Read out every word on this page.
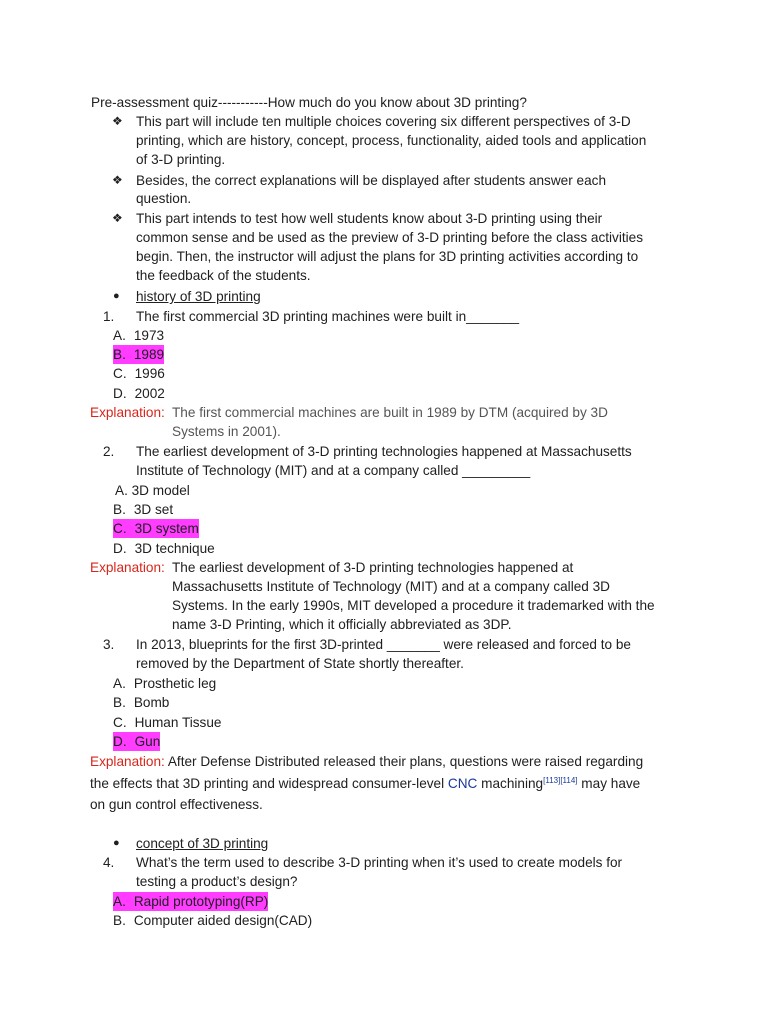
Pre-assessment quiz-----------How much do you know about 3D printing?
❖ This part will include ten multiple choices covering six different perspectives of 3-D
printing, which are history, concept, process, functionality, aided tools and application
of 3-D printing.
❖ Besides, the correct explanations will be displayed after students answer each
question.
❖ This part intends to test how well students know about 3-D printing using their
common sense and be used as the preview of 3-D printing before the class activities
begin. Then, the instructor will adjust the plans for 3D printing activities according to
the feedback of the students.
● history of 3D printing
1. The first commercial 3D printing machines were built in_______
A. 1973
B. 1989
C. 1996
D. 2002
Explanation: The first commercial machines are built in 1989 by DTM (acquired by 3D
Systems in 2001).
2. The earliest development of 3-D printing technologies happened at Massachusetts
Institute of Technology (MIT) and at a company called _________
A. 3D model
B. 3D set
C. 3D system
D. 3D technique
Explanation: The earliest development of 3-D printing technologies happened at
Massachusetts Institute of Technology (MIT) and at a company called 3D
Systems. In the early 1990s, MIT developed a procedure it trademarked with the
name 3-D Printing, which it officially abbreviated as 3DP.
3. In 2013, blueprints for the first 3D-printed _______ were released and forced to be
removed by the Department of State shortly thereafter.
A. Prosthetic leg
B. Bomb
C. Human Tissue
D. Gun
Explanation: After Defense Distributed released their plans, questions were raised regarding
the effects that 3D printing and widespread consumer-level CNC machining[113][114] may have
on gun control effectiveness.
● concept of 3D printing
4. What’s the term used to describe 3-D printing when it’s used to create models for
testing a product’s design?
A. Rapid prototyping(RP)
B. Computer aided design(CAD)
